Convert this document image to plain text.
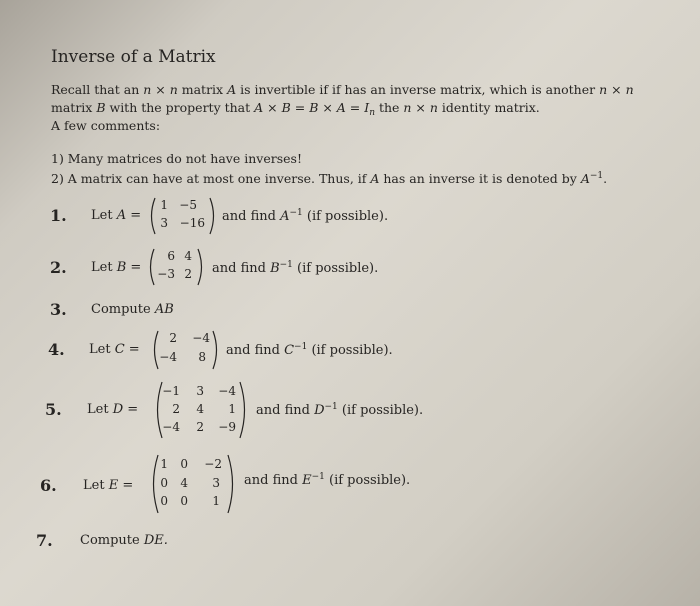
Inverse of a Matrix
Recall that an n × n matrix A is invertible if if has an inverse matrix, which is another n × n
matrix B with the property that $A \times B = B \times A = I_n$ the n × n identity matrix.
A few comments:
1) Many matrices do not have inverses!
2) A matrix can have at most one inverse. Thus, if A has an inverse it is denoted by $A^{-1}$.
1. Let A =
1 −5
3 −16 and find $A^{-1}$ (if possible).
2. Let B =
6 4
−3 2 and find $B^{-1}$ (if possible).
3. Compute AB
4. Let C =
2	−4
−4	8 and find $C^{-1}$ (if possible).
5. Let D =
−1	3	−4
2	4	1
−4	2	−9
and find $D^{-1}$ (if possible).
6. Let E =
1	0	−2
0	4	3
0	0	1
and find $E^{-1}$ (if possible).
7. Compute DE.
